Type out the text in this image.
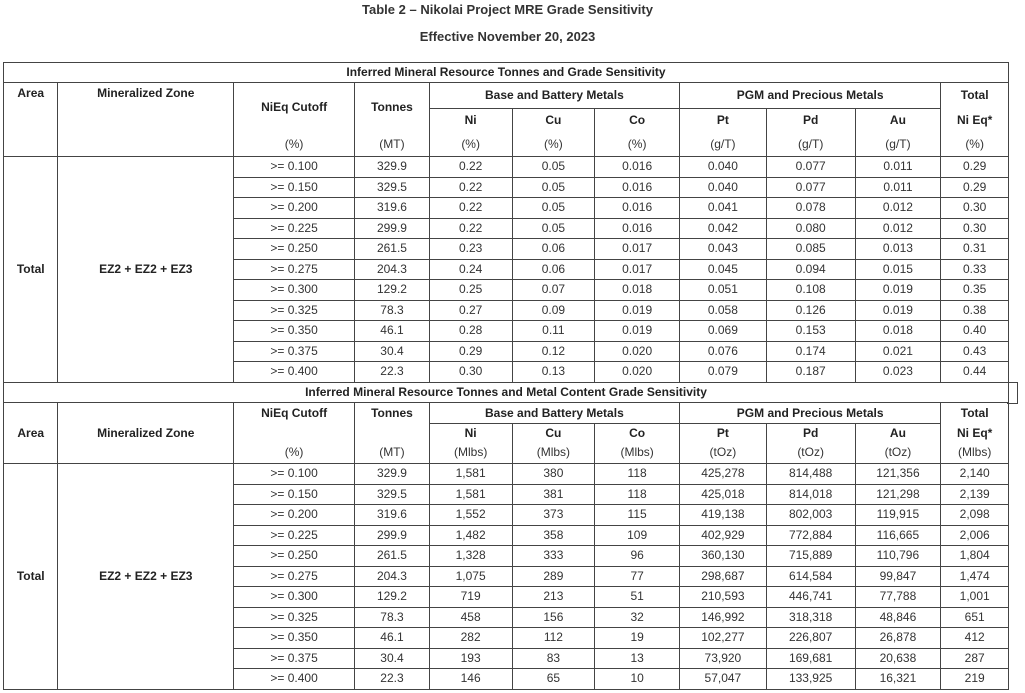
Table 2 – Nikolai Project MRE Grade Sensitivity
Effective November 20, 2023
Inferred Mineral Resource Tonnes and Grade Sensitivity										
Area	Mineralized Zone	NiEq Cutoff	Tonnes	Base and Battery Metals			PGM and Precious Metals			Total
				Ni	Cu	Co	Pt	Pd	Au	Ni Eq*
		(%)	(MT)	(%)	(%)	(%)	(g/T)	(g/T)	(g/T)	(%)
Total	EZ2 + EZ2 + EZ3	>= 0.100	329.9	0.22	0.05	0.016	0.040	0.077	0.011	0.29
		>= 0.150	329.5	0.22	0.05	0.016	0.040	0.077	0.011	0.29
		>= 0.200	319.6	0.22	0.05	0.016	0.041	0.078	0.012	0.30
		>= 0.225	299.9	0.22	0.05	0.016	0.042	0.080	0.012	0.30
		>= 0.250	261.5	0.23	0.06	0.017	0.043	0.085	0.013	0.31
		>= 0.275	204.3	0.24	0.06	0.017	0.045	0.094	0.015	0.33
		>= 0.300	129.2	0.25	0.07	0.018	0.051	0.108	0.019	0.35
		>= 0.325	78.3	0.27	0.09	0.019	0.058	0.126	0.019	0.38
		>= 0.350	46.1	0.28	0.11	0.019	0.069	0.153	0.018	0.40
		>= 0.375	30.4	0.29	0.12	0.020	0.076	0.174	0.021	0.43
		>= 0.400	22.3	0.30	0.13	0.020	0.079	0.187	0.023	0.44
Inferred Mineral Resource Tonnes and Metal Content Grade Sensitivity										
Area	Mineralized Zone	NiEq Cutoff	Tonnes	Base and Battery Metals			PGM and Precious Metals			Total
				Ni	Cu	Co	Pt	Pd	Au	Ni Eq*
		(%)	(MT)	(Mlbs)	(Mlbs)	(Mlbs)	(tOz)	(tOz)	(tOz)	(Mlbs)
Total	EZ2 + EZ2 + EZ3	>= 0.100	329.9	1,581	380	118	425,278	814,488	121,356	2,140
		>= 0.150	329.5	1,581	381	118	425,018	814,018	121,298	2,139
		>= 0.200	319.6	1,552	373	115	419,138	802,003	119,915	2,098
		>= 0.225	299.9	1,482	358	109	402,929	772,884	116,665	2,006
		>= 0.250	261.5	1,328	333	96	360,130	715,889	110,796	1,804
		>= 0.275	204.3	1,075	289	77	298,687	614,584	99,847	1,474
		>= 0.300	129.2	719	213	51	210,593	446,741	77,788	1,001
		>= 0.325	78.3	458	156	32	146,992	318,318	48,846	651
		>= 0.350	46.1	282	112	19	102,277	226,807	26,878	412
		>= 0.375	30.4	193	83	13	73,920	169,681	20,638	287
		>= 0.400	22.3	146	65	10	57,047	133,925	16,321	219
